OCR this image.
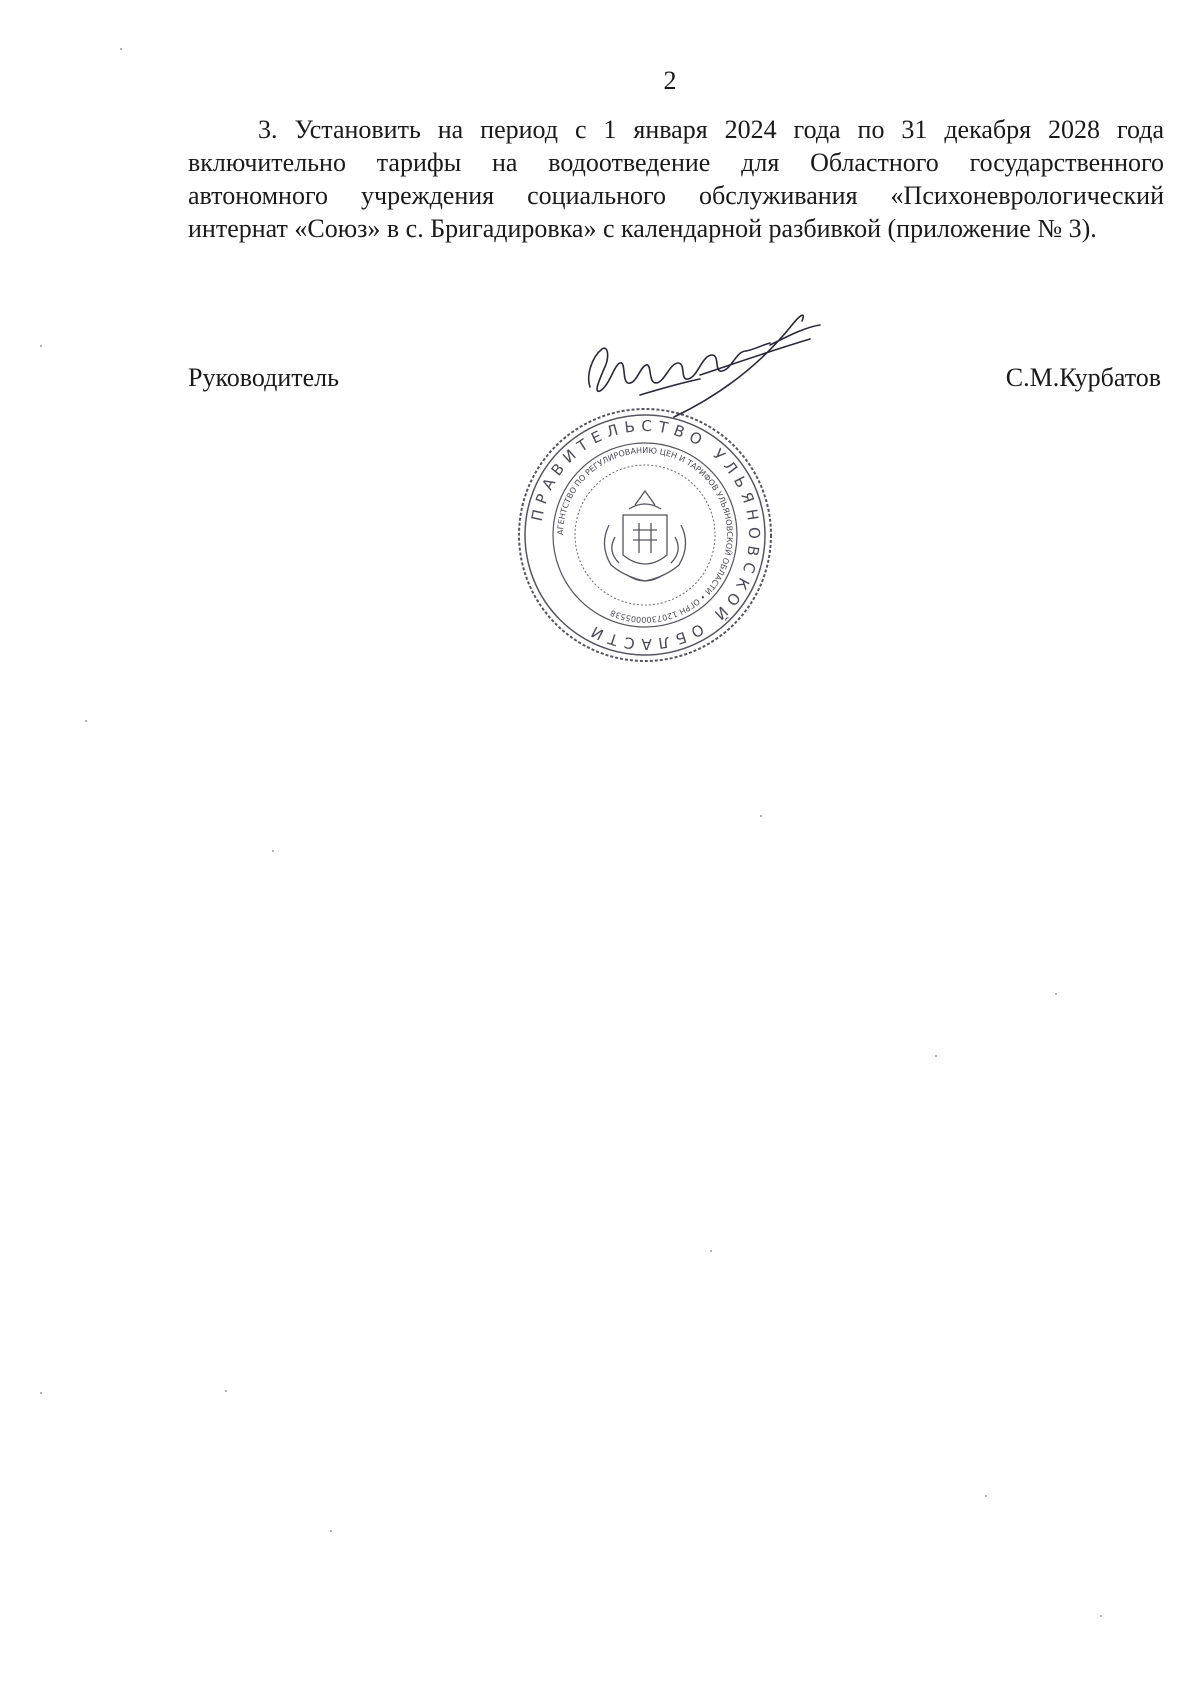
2

3. Установить на период с 1 января 2024 года по 31 декабря 2028 года включительно тарифы на водоотведение для Областного государственного автономного учреждения социального обслуживания «Психоневрологический интернат «Союз» в с. Бригадировка» с календарной разбивкой (приложение № 3).

Руководитель	С.М.Курбатов
ПРАВИТЕЛЬСТВО УЛЬЯНОВСКОЙ ОБЛАСТИ
АГЕНТСТВО ПО РЕГУЛИРОВАНИЮ ЦЕН И ТАРИФОВ УЛЬЯНОВСКОЙ ОБЛАСТИ • ОГРН 1207300005538
